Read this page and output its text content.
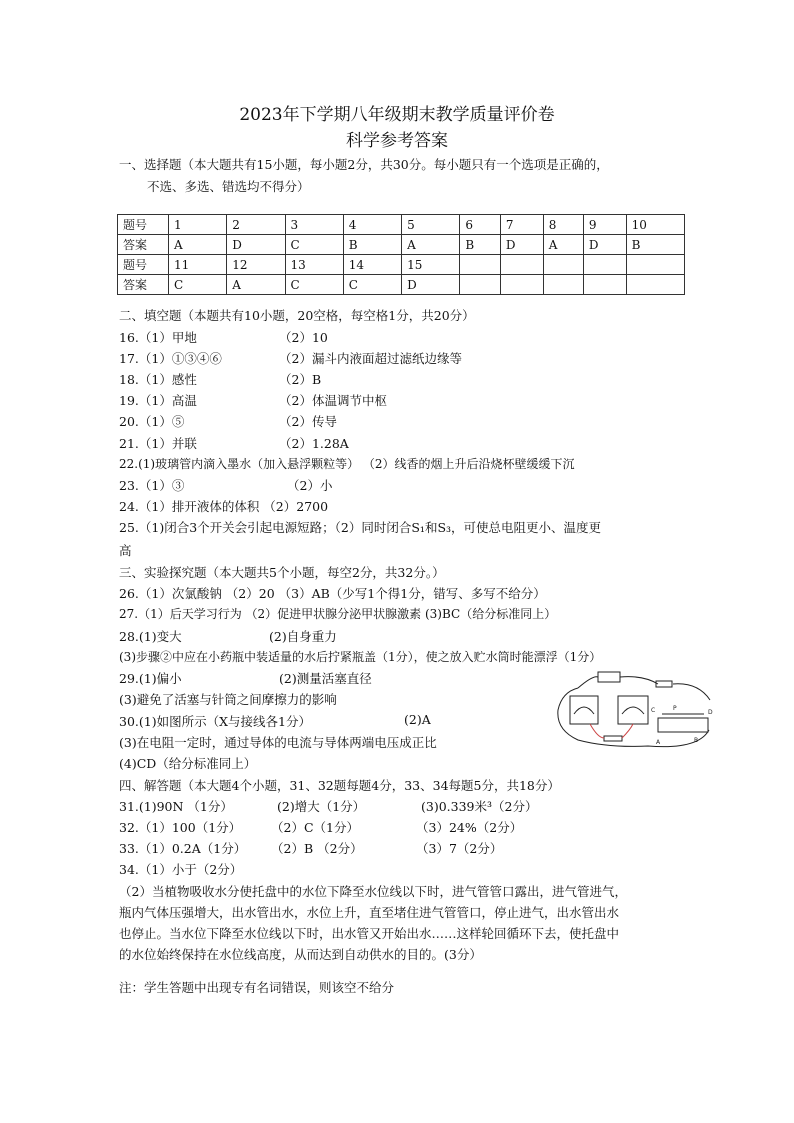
2023年下学期八年级期末教学质量评价卷
科学参考答案
一、选择题（本大题共有15小题，每小题2分，共30分。每小题只有一个选项是正确的，
不选、多选、错选均不得分）
题号	1	2	3	4	5	6	7	8	9	10
答案	A	D	C	B	A	B	D	A	D	B
题号	11	12	13	14	15					
答案	C	A	C	C	D					
二、填空题（本题共有10小题，20空格，每空格1分，共20分）
16.（1）甲地	（2）10
17.（1）①③④⑥	（2）漏斗内液面超过滤纸边缘等
18.（1）感性	（2）B
19.（1）高温	（2）体温调节中枢
20.（1）⑤	（2）传导
21.（1）并联	（2）1.28A
22.(1)玻璃管内滴入墨水（加入悬浮颗粒等） （2）线香的烟上升后沿烧杯壁缓缓下沉
23.（1）③	（2）小
24.（1）排开液体的体积 （2）2700
25.（1)闭合3个开关会引起电源短路；（2）同时闭合S₁和S₃，可使总电阻更小、温度更
高
三、实验探究题（本大题共5个小题，每空2分，共32分。）
26.（1）次氯酸钠 （2）20 （3）AB（少写1个得1分，错写、多写不给分）
27.（1）后天学习行为 （2）促进甲状腺分泌甲状腺激素 (3)BC（给分标准同上）
28.(1)变大	(2)自身重力
(3)步骤②中应在小药瓶中装适量的水后拧紧瓶盖（1分），使之放入贮水筒时能漂浮（1分）
29.(1)偏小	(2)测量活塞直径
(3)避免了活塞与针筒之间摩擦力的影响
30.(1)如图所示（X与接线各1分）	(2)A
(3)在电阻一定时，通过导体的电流与导体两端电压成正比
(4)CD（给分标准同上）
四、解答题（本大题4个小题，31、32题每题4分，33、34每题5分，共18分）
31.(1)90N （1分）	(2)增大（1分）	(3)0.339米³（2分）
32.（1）100（1分） （2）C（1分）	（3）24%（2分）
33.（1）0.2A（1分） （2）B （2分）	（3）7（2分）
34.（1）小于（2分）
（2）当植物吸收水分使托盘中的水位下降至水位线以下时，进气管管口露出，进气管进气，
瓶内气体压强增大，出水管出水，水位上升，直至堵住进气管管口，停止进气，出水管出水
也停止。当水位下降至水位线以下时，出水管又开始出水……这样轮回循环下去，使托盘中
的水位始终保持在水位线高度，从而达到自动供水的目的。(3分）
注：学生答题中出现专有名词错误，则该空不给分
C	P
D
A	B
